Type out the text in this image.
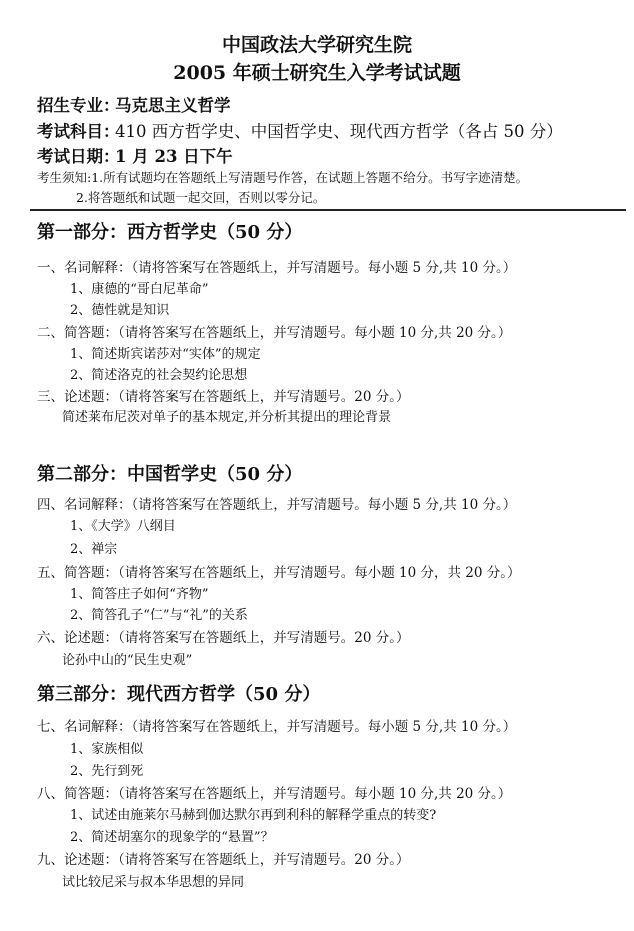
中国政法大学研究生院
2005 年硕士研究生入学考试试题
招生专业：马克思主义哲学
考试科目：410 西方哲学史、中国哲学史、现代西方哲学（各占 50 分）
考试日期：1 月 23 日下午
考生须知:1.所有试题均在答题纸上写清题号作答，在试题上答题不给分。书写字迹清楚。
2.将答题纸和试题一起交回，否则以零分记。
第一部分：西方哲学史（50 分）
一、名词解释：（请将答案写在答题纸上，并写清题号。每小题 5 分,共 10 分。）
1、康德的“哥白尼革命”
2、德性就是知识
二、简答题：（请将答案写在答题纸上，并写清题号。每小题 10 分,共 20 分。）
1、简述斯宾诺莎对“实体”的规定
2、简述洛克的社会契约论思想
三、论述题：（请将答案写在答题纸上，并写清题号。20 分。）
简述莱布尼茨对单子的基本规定,并分析其提出的理论背景
第二部分：中国哲学史（50 分）
四、名词解释：（请将答案写在答题纸上，并写清题号。每小题 5 分,共 10 分。）
1、《大学》八纲目
2、禅宗
五、简答题：（请将答案写在答题纸上，并写清题号。每小题 10 分，共 20 分。）
1、简答庄子如何“齐物”
2、简答孔子“仁”与“礼”的关系
六、论述题：（请将答案写在答题纸上，并写清题号。20 分。）
论孙中山的“民生史观”
第三部分：现代西方哲学（50 分）
七、名词解释：（请将答案写在答题纸上，并写清题号。每小题 5 分,共 10 分。）
1、家族相似
2、先行到死
八、简答题：（请将答案写在答题纸上，并写清题号。每小题 10 分,共 20 分。）
1、试述由施莱尔马赫到伽达默尔再到利科的解释学重点的转变?
2、简述胡塞尔的现象学的“悬置”？
九、论述题：（请将答案写在答题纸上，并写清题号。20 分。）
试比较尼采与叔本华思想的异同
